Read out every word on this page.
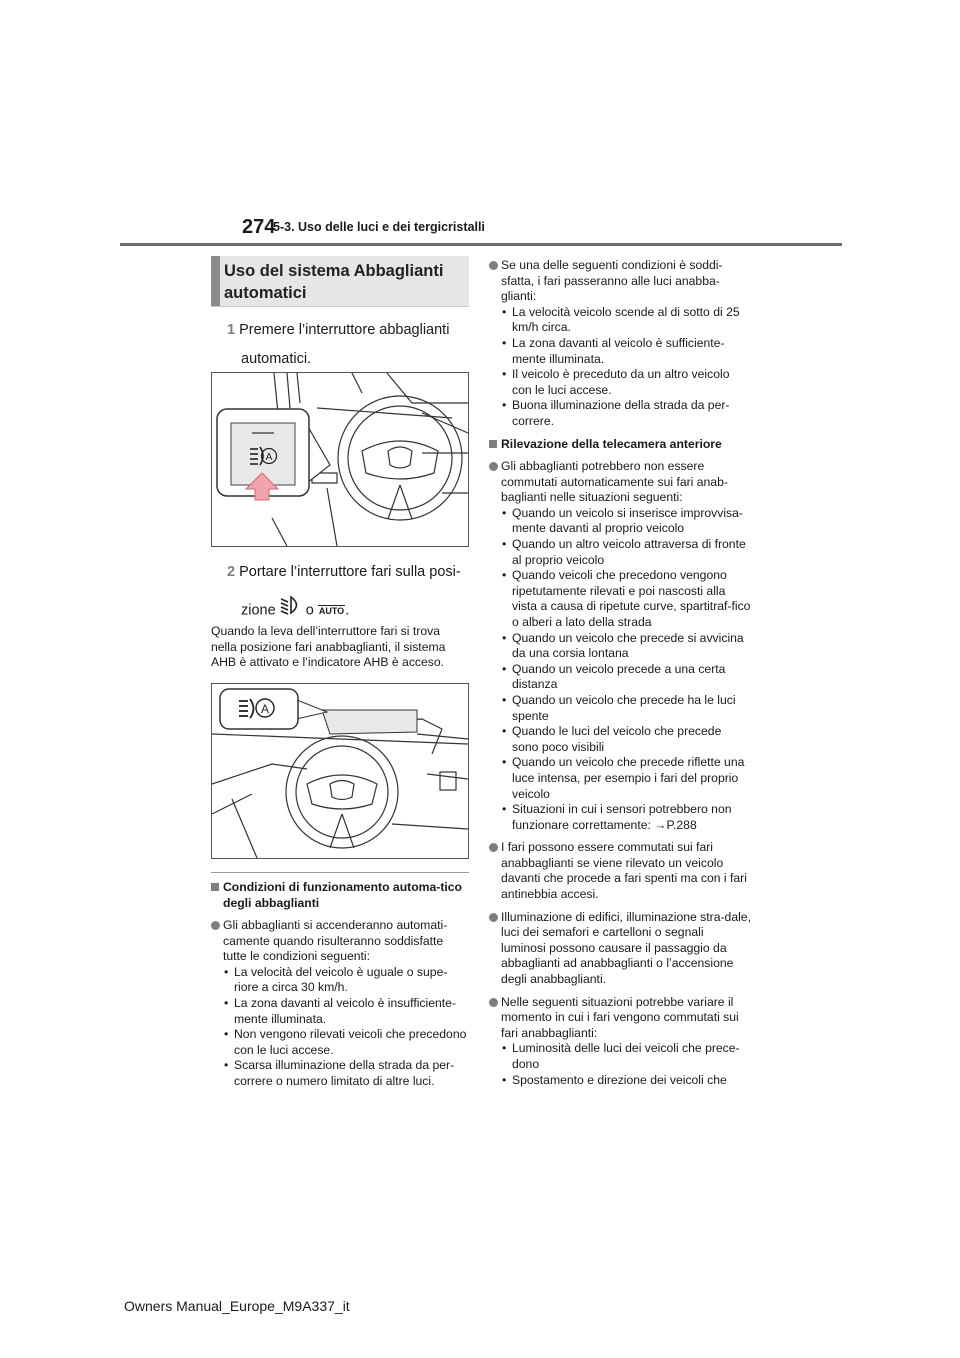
274
5-3. Uso delle luci e dei tergicristalli
Uso del sistema Abbaglianti automatici
1 Premere l’interruttore abbaglianti
automatici.
A
2 Portare l’interruttore fari sulla posi-
zione o AUTO.
Quando la leva dell’interruttore fari si trova nella posizione fari anabbaglianti, il sistema AHB è attivato e l’indicatore AHB è acceso.
A
Condizioni di funzionamento automa-tico degli abbaglianti
Gli abbaglianti si accenderanno automati-camente quando risulteranno soddisfatte tutte le condizioni seguenti:
• La velocità del veicolo è uguale o supe-riore a circa 30 km/h.
• La zona davanti al veicolo è insufficiente-mente illuminata.
• Non vengono rilevati veicoli che precedono con le luci accese.
• Scarsa illuminazione della strada da per-correre o numero limitato di altre luci.
Se una delle seguenti condizioni è soddi-sfatta, i fari passeranno alle luci anabba-glianti:
• La velocità veicolo scende al di sotto di 25 km/h circa.
• La zona davanti al veicolo è sufficiente-mente illuminata.
• Il veicolo è preceduto da un altro veicolo con le luci accese.
• Buona illuminazione della strada da per-correre.
Rilevazione della telecamera anteriore
Gli abbaglianti potrebbero non essere commutati automaticamente sui fari anab-baglianti nelle situazioni seguenti:
• Quando un veicolo si inserisce improvvisa-mente davanti al proprio veicolo
• Quando un altro veicolo attraversa di fronte al proprio veicolo
• Quando veicoli che precedono vengono ripetutamente rilevati e poi nascosti alla vista a causa di ripetute curve, spartitraf-fico o alberi a lato della strada
• Quando un veicolo che precede si avvicina da una corsia lontana
• Quando un veicolo precede a una certa distanza
• Quando un veicolo che precede ha le luci spente
• Quando le luci del veicolo che precede sono poco visibili
• Quando un veicolo che precede riflette una luce intensa, per esempio i fari del proprio veicolo
• Situazioni in cui i sensori potrebbero non funzionare correttamente: →P.288
I fari possono essere commutati sui fari anabbaglianti se viene rilevato un veicolo davanti che procede a fari spenti ma con i fari antinebbia accesi.
Illuminazione di edifici, illuminazione stra-dale, luci dei semafori e cartelloni o segnali luminosi possono causare il passaggio da abbaglianti ad anabbaglianti o l’accensione degli anabbaglianti.
Nelle seguenti situazioni potrebbe variare il momento in cui i fari vengono commutati sui fari anabbaglianti:
• Luminosità delle luci dei veicoli che prece-dono
• Spostamento e direzione dei veicoli che
Owners Manual_Europe_M9A337_it
